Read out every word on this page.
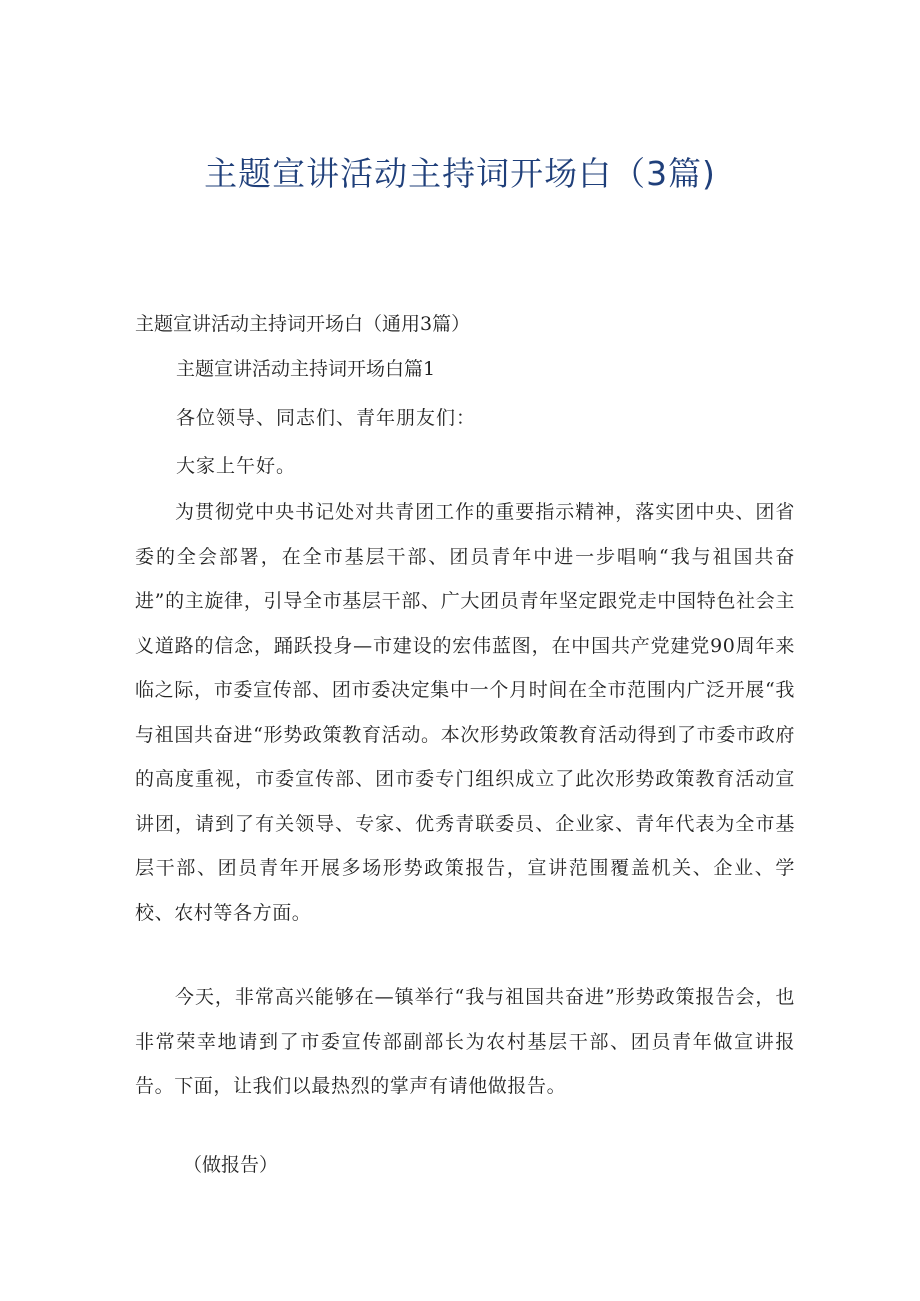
主题宣讲活动主持词开场白（3篇)

主题宣讲活动主持词开场白（通用3篇）

主题宣讲活动主持词开场白篇1

各位领导、同志们、青年朋友们：

大家上午好。

为贯彻党中央书记处对共青团工作的重要指示精神，落实团中央、团省委的全会部署，在全市基层干部、团员青年中进一步唱响“我与祖国共奋进”的主旋律，引导全市基层干部、广大团员青年坚定跟党走中国特色社会主义道路的信念，踊跃投身—市建设的宏伟蓝图，在中国共产党建党90周年来临之际，市委宣传部、团市委决定集中一个月时间在全市范围内广泛开展“我与祖国共奋进“形势政策教育活动。本次形势政策教育活动得到了市委市政府的高度重视，市委宣传部、团市委专门组织成立了此次形势政策教育活动宣讲团，请到了有关领导、专家、优秀青联委员、企业家、青年代表为全市基层干部、团员青年开展多场形势政策报告，宣讲范围覆盖机关、企业、学校、农村等各方面。

今天，非常高兴能够在—镇举行“我与祖国共奋进”形势政策报告会，也非常荣幸地请到了市委宣传部副部长为农村基层干部、团员青年做宣讲报告。下面，让我们以最热烈的掌声有请他做报告。

（做报告）
